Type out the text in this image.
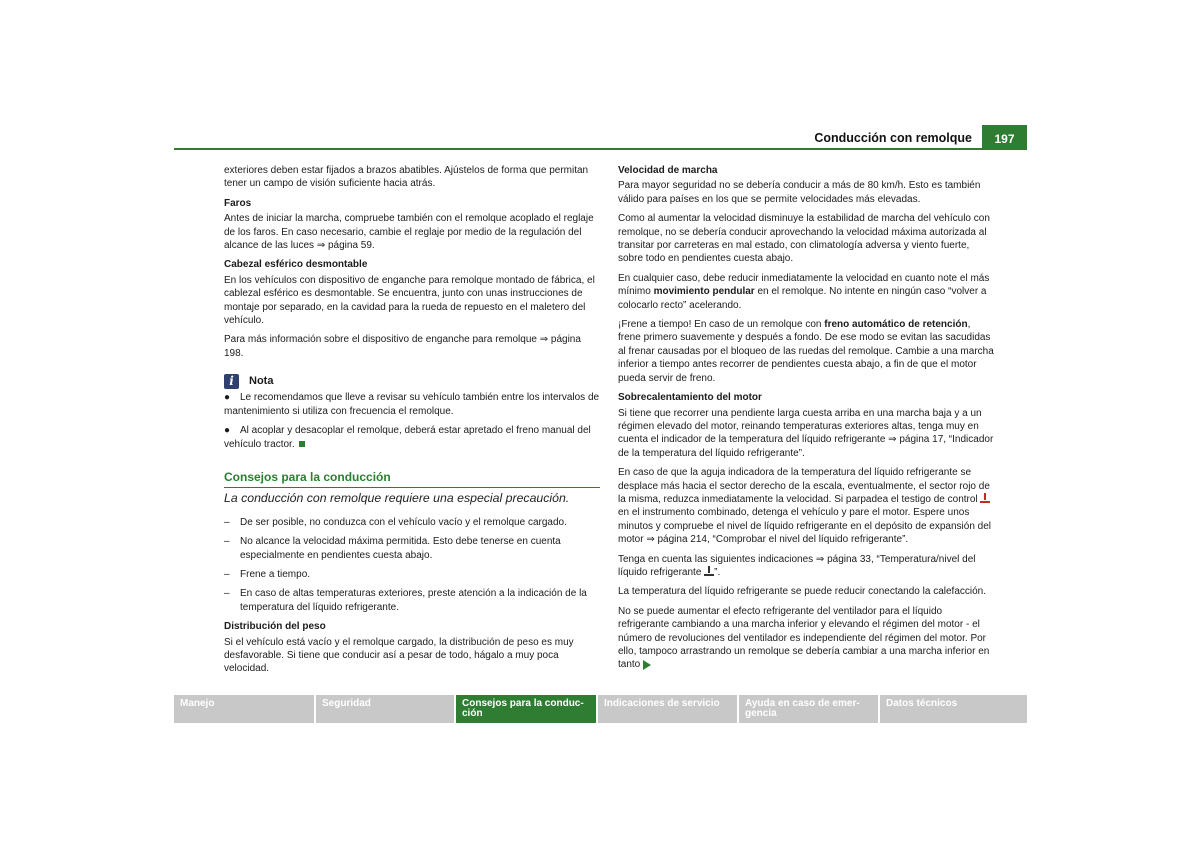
Conducción con remolque	197

exteriores deben estar fijados a brazos abatibles. Ajústelos de forma que permitan tener un campo de visión suficiente hacia atrás.

Faros

Antes de iniciar la marcha, compruebe también con el remolque acoplado el reglaje de los faros. En caso necesario, cambie el reglaje por medio de la regulación del alcance de las luces ⇒ página 59.

Cabezal esférico desmontable

En los vehículos con dispositivo de enganche para remolque montado de fábrica, el cablezal esférico es desmontable. Se encuentra, junto con unas instrucciones de montaje por separado, en la cavidad para la rueda de repuesto en el maletero del vehículo.

Para más información sobre el dispositivo de enganche para remolque ⇒ página 198.

i	Nota

● Le recomendamos que lleve a revisar su vehículo también entre los intervalos de mantenimiento si utiliza con frecuencia el remolque.

● Al acoplar y desacoplar el remolque, deberá estar apretado el freno manual del vehículo tractor.

Consejos para la conducción
La conducción con remolque requiere una especial precaución.
–	De ser posible, no conduzca con el vehículo vacío y el remolque cargado.
–	No alcance la velocidad máxima permitida. Esto debe tenerse en cuenta especialmente en pendientes cuesta abajo.
–	Frene a tiempo.
–	En caso de altas temperaturas exteriores, preste atención a la indicación de la temperatura del líquido refrigerante.
Distribución del peso

Si el vehículo está vacío y el remolque cargado, la distribución de peso es muy desfavorable. Si tiene que conducir así a pesar de todo, hágalo a muy poca velocidad.

Velocidad de marcha

Para mayor seguridad no se debería conducir a más de 80 km/h. Esto es también válido para países en los que se permite velocidades más elevadas.

Como al aumentar la velocidad disminuye la estabilidad de marcha del vehículo con remolque, no se debería conducir aprovechando la velocidad máxima autorizada al transitar por carreteras en mal estado, con climatología adversa y viento fuerte, sobre todo en pendientes cuesta abajo.

En cualquier caso, debe reducir inmediatamente la velocidad en cuanto note el más mínimo movimiento pendular en el remolque. No intente en ningún caso “volver a colocarlo recto” acelerando.

¡Frene a tiempo! En caso de un remolque con freno automático de retención, frene primero suavemente y después a fondo. De ese modo se evitan las sacudidas al frenar causadas por el bloqueo de las ruedas del remolque. Cambie a una marcha inferior a tiempo antes recorrer de pendientes cuesta abajo, a fin de que el motor pueda servir de freno.

Sobrecalentamiento del motor

Si tiene que recorrer una pendiente larga cuesta arriba en una marcha baja y a un régimen elevado del motor, reinando temperaturas exteriores altas, tenga muy en cuenta el indicador de la temperatura del líquido refrigerante ⇒ página 17, “Indicador de la temperatura del líquido refrigerante”.

En caso de que la aguja indicadora de la temperatura del líquido refrigerante se desplace más hacia el sector derecho de la escala, eventualmente, el sector rojo de la misma, reduzca inmediatamente la velocidad. Si parpadea el testigo de control  en el instrumento combinado, detenga el vehículo y pare el motor. Espere unos minutos y compruebe el nivel de líquido refrigerante en el depósito de expansión del motor ⇒ página 214, “Comprobar el nivel del líquido refrigerante”.

Tenga en cuenta las siguientes indicaciones ⇒ página 33, “Temperatura/nivel del líquido refrigerante ”.

La temperatura del líquido refrigerante se puede reducir conectando la calefacción.

No se puede aumentar el efecto refrigerante del ventilador para el líquido refrigerante cambiando a una marcha inferior y elevando el régimen del motor - el número de revoluciones del ventilador es independiente del régimen del motor. Por ello, tampoco arrastrando un remolque se debería cambiar a una marcha inferior en tanto

Manejo	Seguridad	Consejos para la conducción
Indicaciones de servicio	Ayuda en caso de emergencia
Datos técnicos
